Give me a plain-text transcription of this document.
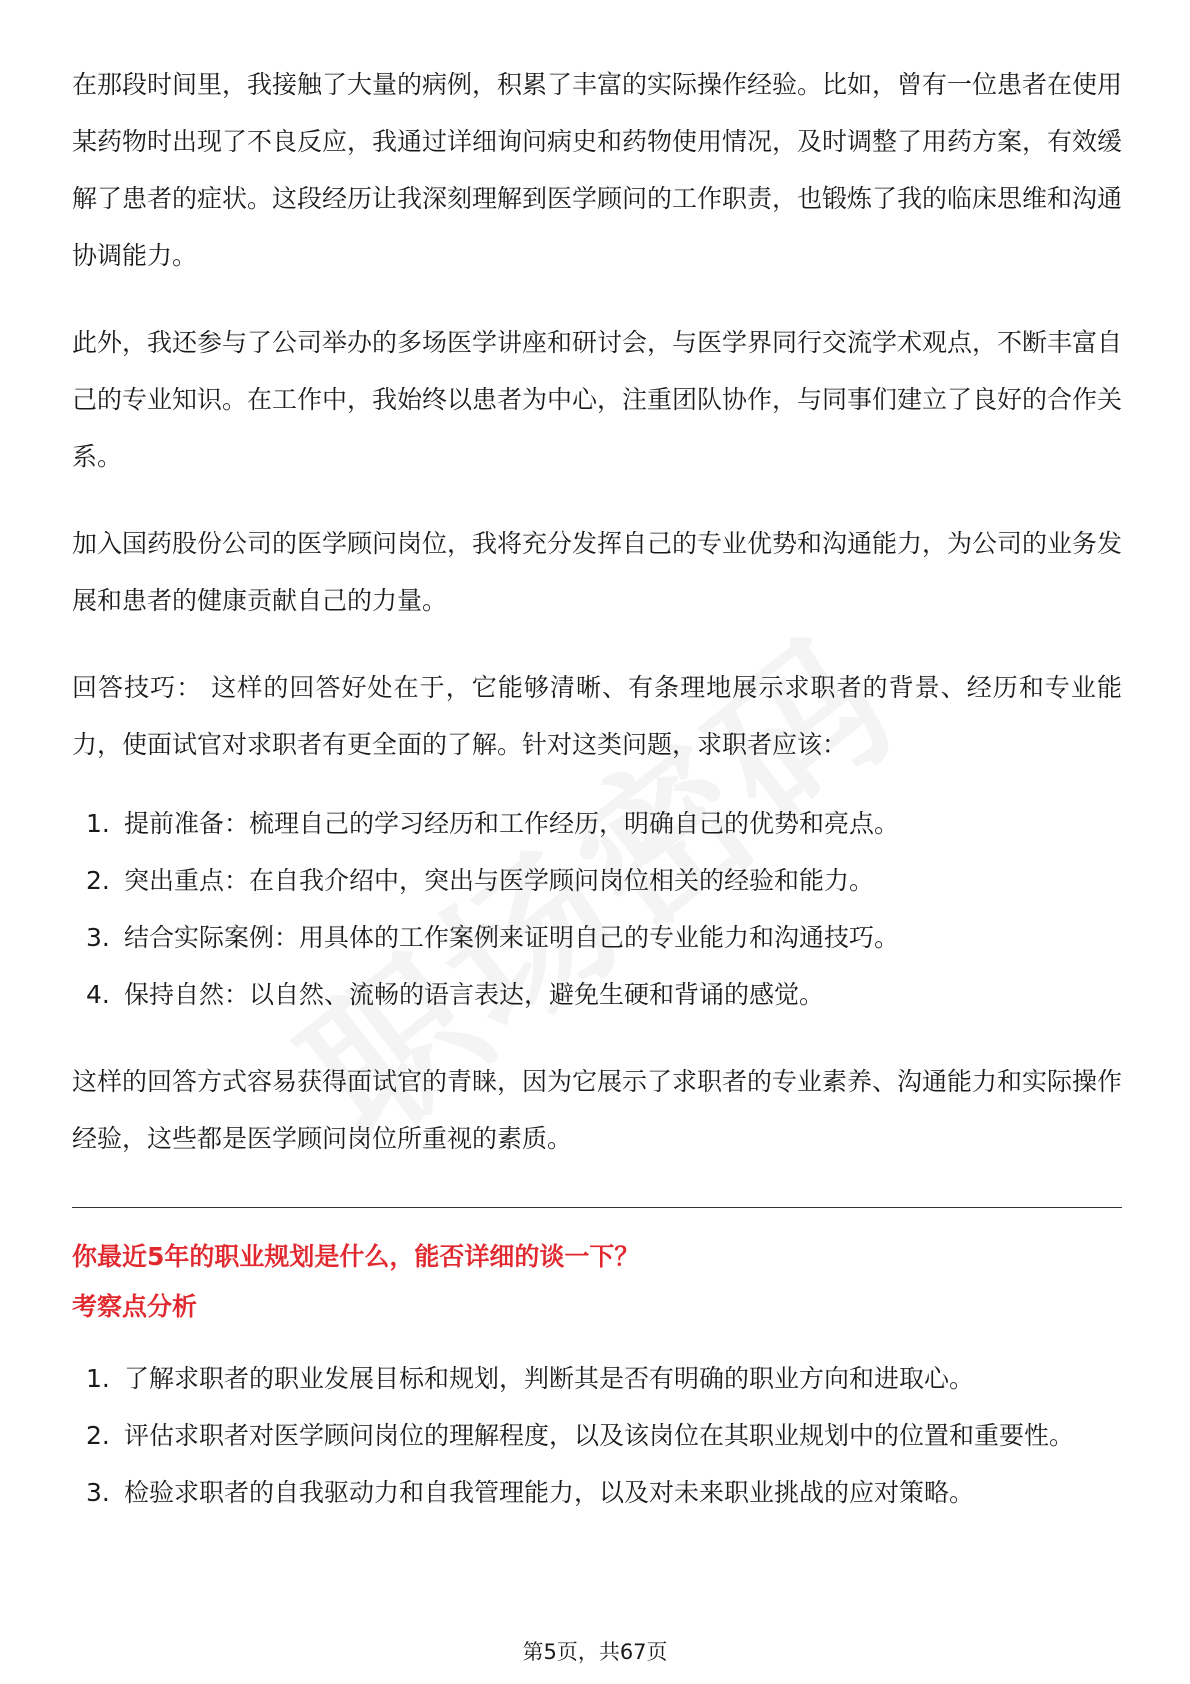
在那段时间里，我接触了大量的病例，积累了丰富的实际操作经验。比如，曾有一位患者在使用某药物时出现了不良反应，我通过详细询问病史和药物使用情况，及时调整了用药方案，有效缓解了患者的症状。这段经历让我深刻理解到医学顾问的工作职责，也锻炼了我的临床思维和沟通协调能力。

此外，我还参与了公司举办的多场医学讲座和研讨会，与医学界同行交流学术观点，不断丰富自己的专业知识。在工作中，我始终以患者为中心，注重团队协作，与同事们建立了良好的合作关系。

加入国药股份公司的医学顾问岗位，我将充分发挥自己的专业优势和沟通能力，为公司的业务发展和患者的健康贡献自己的力量。

回答技巧： 这样的回答好处在于，它能够清晰、有条理地展示求职者的背景、经历和专业能力，使面试官对求职者有更全面的了解。针对这类问题，求职者应该：

1. 提前准备：梳理自己的学习经历和工作经历，明确自己的优势和亮点。
2. 突出重点：在自我介绍中，突出与医学顾问岗位相关的经验和能力。
3. 结合实际案例：用具体的工作案例来证明自己的专业能力和沟通技巧。
4. 保持自然：以自然、流畅的语言表达，避免生硬和背诵的感觉。

这样的回答方式容易获得面试官的青睐，因为它展示了求职者的专业素养、沟通能力和实际操作经验，这些都是医学顾问岗位所重视的素质。

你最近5年的职业规划是什么，能否详细的谈一下？
考察点分析
1. 了解求职者的职业发展目标和规划，判断其是否有明确的职业方向和进取心。
2. 评估求职者对医学顾问岗位的理解程度，以及该岗位在其职业规划中的位置和重要性。
3. 检验求职者的自我驱动力和自我管理能力，以及对未来职业挑战的应对策略。
第5页，共67页
